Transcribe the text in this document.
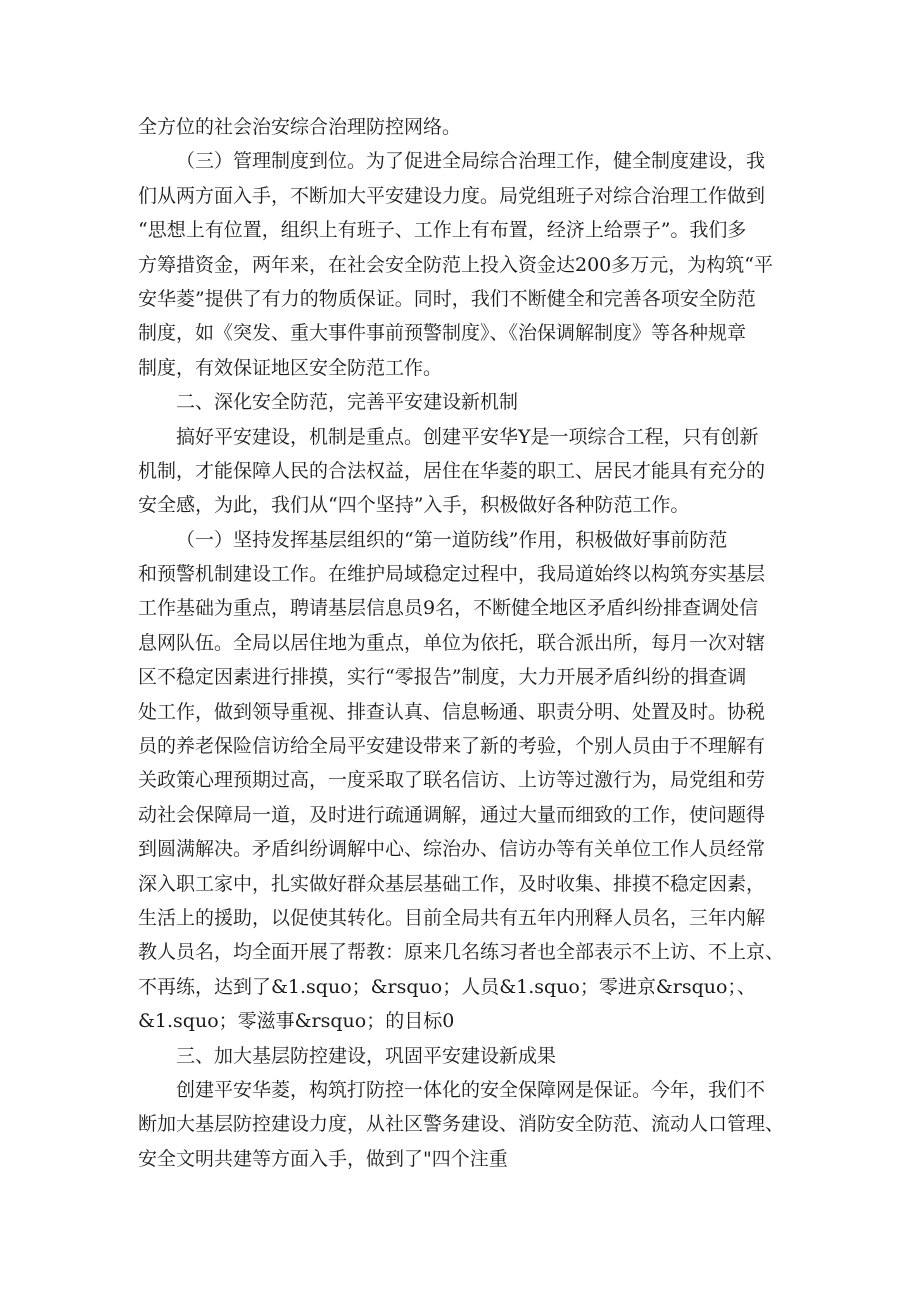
全方位的社会治安综合治理防控网络。
（三）管理制度到位。为了促进全局综合治理工作，健全制度建设，我
们从两方面入手，不断加大平安建设力度。局党组班子对综合治理工作做到
“思想上有位置，组织上有班子、工作上有布置，经济上给票子”。我们多
方筹措资金，两年来，在社会安全防范上投入资金达200多万元，为构筑“平
安华菱”提供了有力的物质保证。同时，我们不断健全和完善各项安全防范
制度，如《突发、重大事件事前预警制度》、《治保调解制度》等各种规章
制度，有效保证地区安全防范工作。
二、深化安全防范，完善平安建设新机制
搞好平安建设，机制是重点。创建平安华Y是一项综合工程，只有创新
机制，才能保障人民的合法权益，居住在华菱的职工、居民才能具有充分的
安全感，为此，我们从“四个坚持”入手，积极做好各种防范工作。
（一）坚持发挥基层组织的“第一道防线”作用，积极做好事前防范
和预警机制建设工作。在维护局域稳定过程中，我局道始终以构筑夯实基层
工作基础为重点，聘请基层信息员9名，不断健全地区矛盾纠纷排查调处信
息网队伍。全局以居住地为重点，单位为依托，联合派出所，每月一次对辖
区不稳定因素进行排摸，实行“零报告”制度，大力开展矛盾纠纷的揖查调
处工作，做到领导重视、排查认真、信息畅通、职责分明、处置及时。协税
员的养老保险信访给全局平安建设带来了新的考验，个别人员由于不理解有
关政策心理预期过高，一度采取了联名信访、上访等过激行为，局党组和劳
动社会保障局一道，及时进行疏通调解，通过大量而细致的工作，使问题得
到圆满解决。矛盾纠纷调解中心、综治办、信访办等有关单位工作人员经常
深入职工家中，扎实做好群众基层基础工作，及时收集、排摸不稳定因素，
生活上的援助，以促使其转化。目前全局共有五年内刑释人员名，三年内解
教人员名，均全面开展了帮教：原来几名练习者也全部表示不上访、不上京、
不再练，达到了&1.squo；&rsquo；人员&1.squo；零进京&rsquo；、
&1.squo；零滋事&rsquo；的目标0
三、加大基层防控建设，巩固平安建设新成果
创建平安华菱，构筑打防控一体化的安全保障网是保证。今年，我们不
断加大基层防控建设力度，从社区警务建设、消防安全防范、流动人口管理、
安全文明共建等方面入手，做到了"四个注重
